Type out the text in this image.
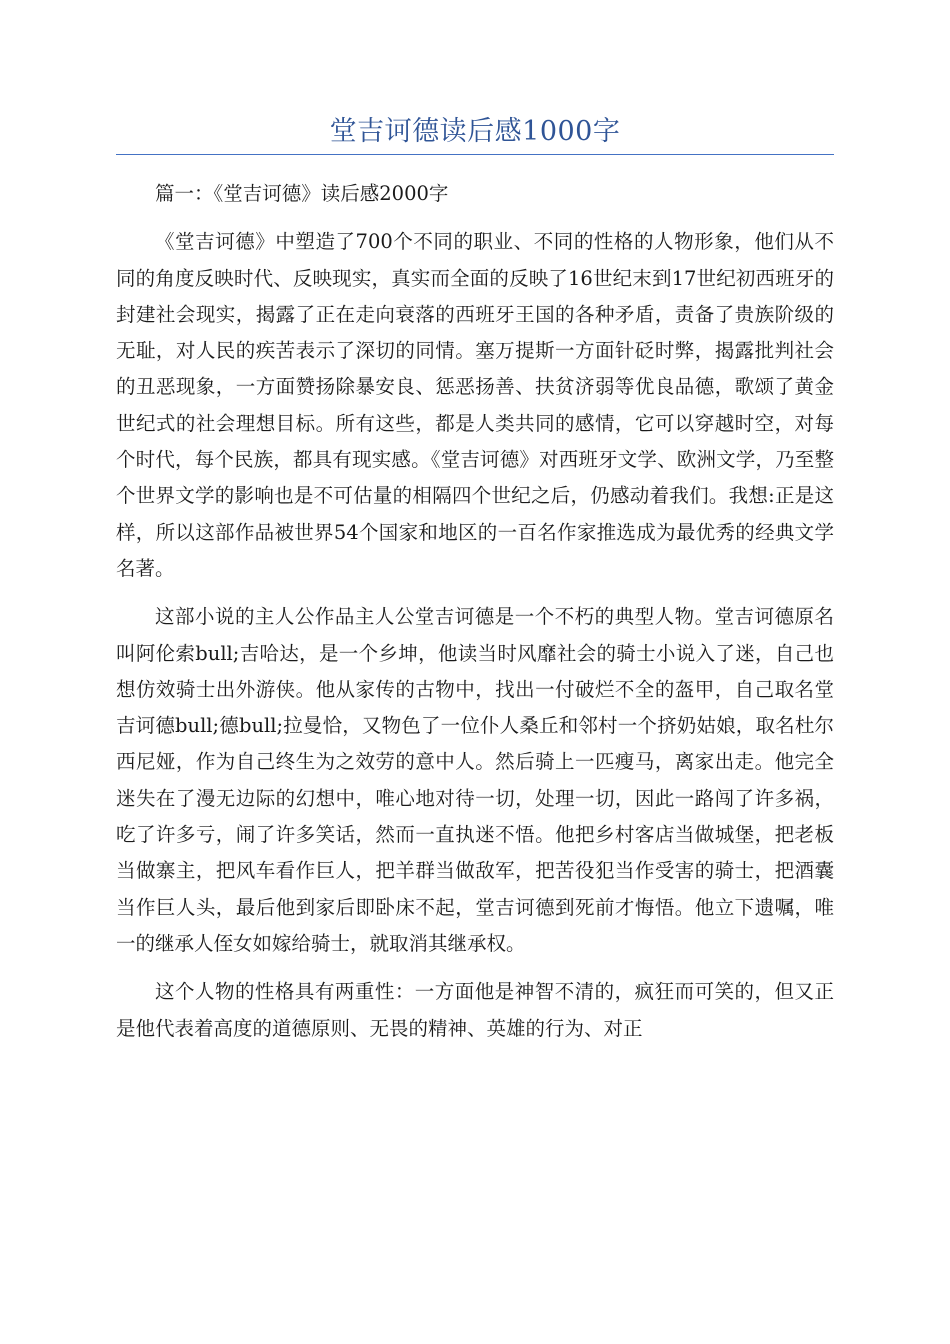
堂吉诃德读后感1000字

篇一：《堂吉诃德》读后感2000字

《堂吉诃德》中塑造了700个不同的职业、不同的性格的人物形象，他们从不同的角度反映时代、反映现实，真实而全面的反映了16世纪末到17世纪初西班牙的封建社会现实，揭露了正在走向衰落的西班牙王国的各种矛盾，责备了贵族阶级的无耻，对人民的疾苦表示了深切的同情。塞万提斯一方面针砭时弊，揭露批判社会的丑恶现象，一方面赞扬除暴安良、惩恶扬善、扶贫济弱等优良品德，歌颂了黄金世纪式的社会理想目标。所有这些，都是人类共同的感情，它可以穿越时空，对每个时代，每个民族，都具有现实感。《堂吉诃德》对西班牙文学、欧洲文学，乃至整个世界文学的影响也是不可估量的相隔四个世纪之后，仍感动着我们。我想:正是这样，所以这部作品被世界54个国家和地区的一百名作家推选成为最优秀的经典文学名著。

这部小说的主人公作品主人公堂吉诃德是一个不朽的典型人物。堂吉诃德原名叫阿伦索bull;吉哈达，是一个乡坤，他读当时风靡社会的骑士小说入了迷，自己也想仿效骑士出外游侠。他从家传的古物中，找出一付破烂不全的盔甲，自己取名堂吉诃德bull;德bull;拉曼恰，又物色了一位仆人桑丘和邻村一个挤奶姑娘，取名杜尔西尼娅，作为自己终生为之效劳的意中人。然后骑上一匹瘦马，离家出走。他完全迷失在了漫无边际的幻想中，唯心地对待一切，处理一切，因此一路闯了许多祸，吃了许多亏，闹了许多笑话，然而一直执迷不悟。他把乡村客店当做城堡，把老板当做寨主，把风车看作巨人，把羊群当做敌军，把苦役犯当作受害的骑士，把酒囊当作巨人头，最后他到家后即卧床不起，堂吉诃德到死前才悔悟。他立下遗嘱，唯一的继承人侄女如嫁给骑士，就取消其继承权。

这个人物的性格具有两重性：一方面他是神智不清的，疯狂而可笑的，但又正是他代表着高度的道德原则、无畏的精神、英雄的行为、对正
